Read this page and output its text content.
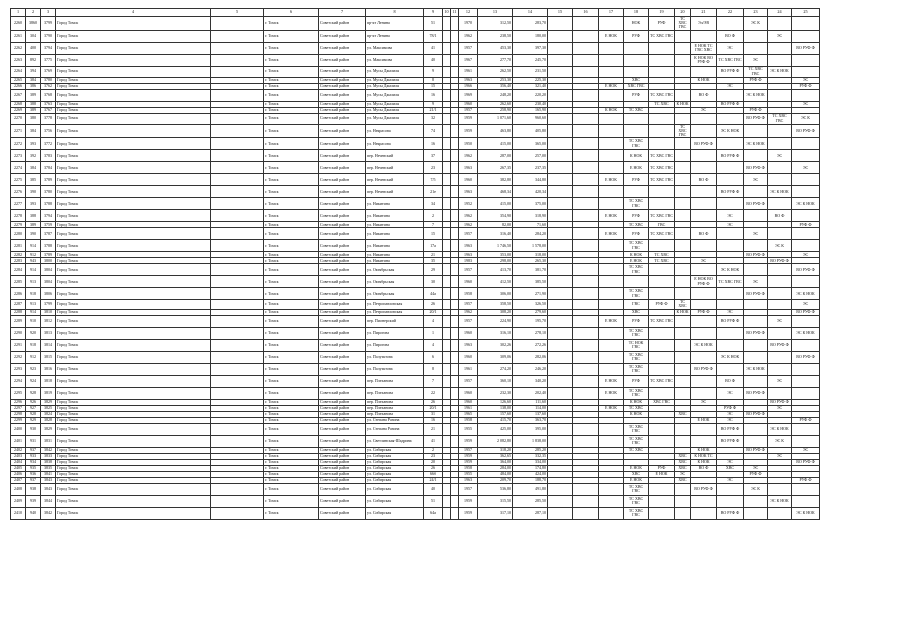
1	2	3	4	5	6	7	8	9	10	11	12	13	14	15	16	17	18	19	20	21	22	23	24	25
2260	3860	3799	Город Томск		г. Томск	Советский район	пр-кт Ленина	51			1970	312,50	283,70				НОК	РУФ	ТС ХВС ГВС	Эл/ЭВ		ЭС К		
2261	304	3790	Город Томск		г. Томск	Советский район	пр-кт Ленина	78/1			1962	238,50	180,00			Е НОК	РУФ	ТС ХВС ГВС			ВО Ф		ЭС	
2262	400	3794	Город Томск		г. Томск	Советский район	ул. Максимова	41			1957	453,30	397,30							Е НОК ТС ГВС ХВС	ЭС			ВО РУФ Ф
2263	892	3775	Город Томск		г. Томск	Советский район	ул. Максимова	40			1967	277,70	245,70							К НОК ВО РУФ Ф	ТС ХВС ГВС	ЭС		
2264	394	3769	Город Томск		г. Томск	Советский район	ул. Мусы Джалиля	9			1961	262,50	231,50								ВО РУФ Ф	ТС ХВС ГВС	ЭС К НОК	
2265	384	3780	Город Томск		г. Томск	Советский район	ул. Мусы Джалиля	8			1963	253,30	225,30				ХВС			К НОК		РУФ Ф		ЭС
2266	386	3762	Город Томск		г. Томск	Советский район	ул. Мусы Джалиля	15			1966	356,40	321,40			Е НОК	ХВС ГВС				ЭС			РУФ Ф
2267	389	3768	Город Томск		г. Томск	Советский район	ул. Мусы Джалиля	16			1969	248,20	220,20				РУФ	ТС ХВС ГВС		ВО Ф		ЭС К НОК		
2268	388	3763	Город Томск		г. Томск	Советский район	ул. Мусы Джалиля	9			1960	262,60	230,40					ТС ХВС	К НОК		ВО РУФ Ф			ЭС
2269	389	3767	Город Томск		г. Томск	Советский район	ул. Мусы Джалиля	21/1			1957	258,90	165,90			К НОК	ТС ХВС			ЭС		РУФ Ф		
2270	380	3778	Город Томск		г. Томск	Советский район	ул. Мусы Джалиля	32			1959	1 071,60	960,60									ВО РУФ Ф	ТС ХВС ГВС	ЭС К
2271	384	3756	Город Томск		г. Томск	Советский район	ул. Некрасова	74			1959	463,80	405,80						ТС ХВС ГВС		ЭС К НОК			ВО РУФ Ф
2272	393	3772	Город Томск		г. Томск	Советский район	ул. Некрасова	16			1950	415,00	365,00				ТС ХВС ГВС			ВО РУФ Ф		ЭС К НОК		
2273	392	3783	Город Томск		г. Томск	Советский район	пер. Нечевский	37			1962	287,00	257,00				К НОК	ТС ХВС ГВС			ВО РУФ Ф		ЭС	
2274	384	3784	Город Томск		г. Томск	Советский район	пер. Нечевский	23			1963	267,35	237,35				Е НОК	ТС ХВС ГВС				ВО РУФ Ф		ЭС
2275	385	3789	Город Томск		г. Томск	Советский район	пер. Нечевский	7/5			1960	382,80	344,80			Е НОК	РУФ	ТС ХВС ГВС		ВО Ф		ЭС		
2276	390	3780	Город Томск		г. Томск	Советский район	пер. Нечевский	21е			1963	468,34	420,34								ВО РУФ Ф		ЭС К НОК	
2277	393	3788	Город Томск		г. Томск	Советский район	ул. Никитина	34			1952	415,00	375,00				ТС ХВС ГВС					ВО РУФ Ф		ЭС К НОК
2278	388	3794	Город Томск		г. Томск	Советский район	ул. Никитина	2			1962	354,90	318,90			Е НОК	РУФ	ТС ХВС ГВС			ЭС		ВО Ф	
2279	389	3759	Город Томск		г. Томск	Советский район	ул. Никитина	7			1962	82,00	71,60				ТС ХВС	ГВС			ЭС			РУФ Ф
2280	390	3787	Город Томск		г. Томск	Советский район	ул. Никитина	15			1957	316,40	284,20			Е НОК	РУФ	ТС ХВС ГВС		ВО Ф		ЭС		
2281	914	3788	Город Томск		г. Томск	Советский район	ул. Никитина	17а			1963	1 746,50	1 578,00				ТС ХВС ГВС						ЭС К	
2282	912	3789	Город Томск		г. Томск	Советский район	ул. Никитина	21			1963	353,00	318,00				К НОК	ТС ХВС				ВО РУФ Ф		ЭС
2283	943	3800	Город Томск		г. Томск	Советский район	ул. Никитина	35			1983	298,00	265,30				Е НОК	ТС ХВС		ЭС			ВО РУФ Ф	
2284	914	3804	Город Томск		г. Томск	Советский район	ул. Октябрьская	29			1957	413,70	381,70				ТС ХВС ГВС				ЭС К НОК			ВО РУФ Ф
2285	913	3804	Город Томск		г. Томск	Советский район	ул. Октябрьская	30			1960	412,50	385,50							Е НОК ВО РУФ Ф	ТС ХВС ГВС	ЭС		
2286	918	3806	Город Томск		г. Томск	Советский район	ул. Октябрьская	44а			1958	306,00	271,90				ТС ХВС ГВС					ВО РУФ Ф		ЭС К НОК
2287	913	3799	Город Томск		г. Томск	Советский район	ул. Петропавловская	26			1957	358,50	326,50				ГВС	РУФ Ф	ТС ХВС					ЭС
2288	914	3810	Город Томск		г. Томск	Советский район	ул. Петропавловская	20/1			1962	308,20	279,60				ХВС		К НОК	РУФ Ф	ЭС			ВО РУФ Ф
2289	910	3812	Город Томск		г. Томск	Советский район	пер. Пионерский	4			1957	224,90	195,70			Е НОК	РУФ	ТС ХВС ГВС			ВО РУФ Ф		ЭС	
2290	920	3813	Город Томск		г. Томск	Советский район	ул. Пирогова	1			1960	316,10	278,10				ТС ХВС ГВС					ВО РУФ Ф		ЭС К НОК
2291	918	3814	Город Томск		г. Томск	Советский район	ул. Пирогова	4			1963	302,26	272,26				ТС НОК ГВС			ЭС К НОК			ВО РУФ Ф	
2292	912	3815	Город Томск		г. Томск	Советский район	ул. Полуэктова	6			1960	309,06	282,06				ТС ХВС ГВС				ЭС К НОК			ВО РУФ Ф
2293	923	3816	Город Томск		г. Томск	Советский район	ул. Полуэктова	8			1961	274,20	246,20				ТС ХВС ГВС			ВО РУФ Ф		ЭС К НОК		
2294	924	3818	Город Томск		г. Томск	Советский район	пер. Плеханова	7			1957	360,10	340,20			Е НОК	РУФ	ТС ХВС ГВС			ВО Ф		ЭС	
2295	928	3819	Город Томск		г. Томск	Советский район	пер. Плеханова	22			1960	232,30	202,40			Е НОК	ТС ХВС ГВС				ЭС	ВО РУФ Ф		
2296	926	3829	Город Томск		г. Томск	Советский район	пер. Плеханова	26			1960	126,60	111,60				К НОК	ХВС ГВС		ЭС			ВО РУФ Ф	
2297	927	3825	Город Томск		г. Томск	Советский район	пер. Плеханова	20/1			1961	138,00	114,00			Е НОК	ТС ХВС				РУФ Ф		ЭС	
2298	928	3824	Город Томск		г. Томск	Советский район	пер. Плеханова	31			1965	157,60	137,60				К НОК		ХВС		ЭС	ВО РУФ Ф		
2299	929	3828	Город Томск		г. Томск	Советский район	ул. Степана Разина	16			1958	415,70	363,70							Е НОК	ЭС			РУФ Ф
2400	930	3829	Город Томск		г. Томск	Советский район	ул. Степана Разина	21			1955	425,00	395,00				ТС ХВС ГВС				ВО РУФ Ф		ЭС К НОК	
2401	931	3831	Город Томск		г. Томск	Советский район	ул. Светлинская-Шадрина	41			1959	2 082,80	1 838,00				ТС ХВС ГВС				ВО РУФ Ф		ЭС К	
2402	937	3842	Город Томск		г. Томск	Советский район	ул. Сибирская	2			1957	318,20	285,20				ТС ХВС			К НОК		ВО РУФ Ф		ЭС
2403	933	3833	Город Томск		г. Томск	Советский район	ул. Сибирская	23			1959	362,65	332,35						ХВС	К НОК ТС			ЭС	
2404	934	3838	Город Томск		г. Томск	Советский район	ул. Сибирская	20			1959	364,00	334,00						ХВС	К НОК	ЭС			ВО РУФ Ф
2405	935	3835	Город Томск		г. Томск	Советский район	ул. Сибирская	26			1958	284,00	174,80				Е НОК	РУФ	ХВС	ВО Ф	ХВС	ЭС		
2406	936	3841	Город Томск		г. Томск	Советский район	ул. Сибирская	66б			1955	484,00	424,00				ХВС	Е НОК	ЭС			РУФ Ф		
2407	937	3843	Город Томск		г. Томск	Советский район	ул. Сибирская	24/1			1963	209,70	188,70				Е НОК		ХВС		ЭС			РУФ Ф
2408	938	3843	Город Томск		г. Томск	Советский район	ул. Сибирская	40			1957	536,80	491,80				ТС ХВС ГВС			ВО РУФ Ф		ЭС К		
2409	939	3844	Город Томск		г. Томск	Советский район	ул. Сибирская	51			1959	315,50	285,50				ТС ХВС ГВС						ЭС К НОК	
2410	940	3842	Город Томск		г. Томск	Советский район	ул. Сибирская	64а			1959	317,10	287,10				ТС ХВС ГВС				ВО РУФ Ф			ЭС К НОК
